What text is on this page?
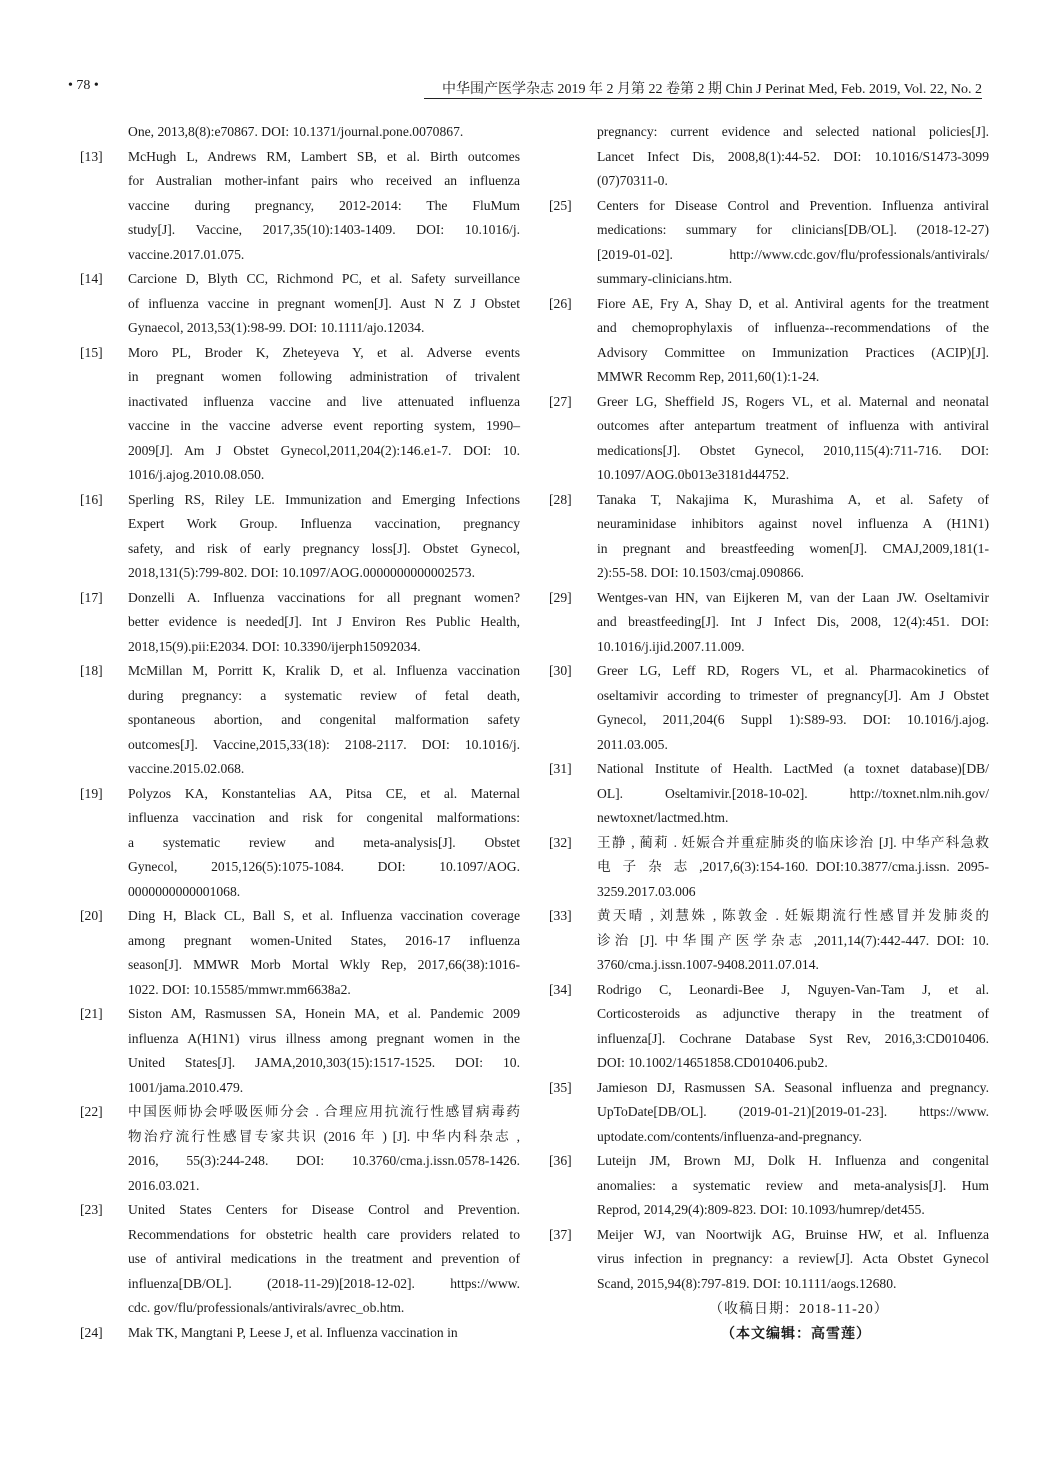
• 78 •	中华围产医学杂志 2019 年 2 月第 22 卷第 2 期 Chin J Perinat Med, Feb. 2019, Vol. 22, No. 2
One, 2013,8(8):e70867. DOI: 10.1371/journal.pone.0070867.
[13] McHugh L, Andrews RM, Lambert SB, et al. Birth outcomes
for Australian mother-infant pairs who received an influenza
vaccine during pregnancy, 2012-2014: The FluMum
study[J]. Vaccine, 2017,35(10):1403-1409. DOI: 10.1016/j.
vaccine.2017.01.075.
[14] Carcione D, Blyth CC, Richmond PC, et al. Safety surveillance
of influenza vaccine in pregnant women[J]. Aust N Z J Obstet
Gynaecol, 2013,53(1):98-99. DOI: 10.1111/ajo.12034.
[15] Moro PL, Broder K, Zheteyeva Y, et al. Adverse events
in pregnant women following administration of trivalent
inactivated influenza vaccine and live attenuated influenza
vaccine in the vaccine adverse event reporting system, 1990–
2009[J]. Am J Obstet Gynecol,2011,204(2):146.e1-7. DOI: 10.
1016/j.ajog.2010.08.050.
[16] Sperling RS, Riley LE. Immunization and Emerging Infections
Expert Work Group. Influenza vaccination, pregnancy
safety, and risk of early pregnancy loss[J]. Obstet Gynecol,
2018,131(5):799-802. DOI: 10.1097/AOG.0000000000002573.
[17] Donzelli A. Influenza vaccinations for all pregnant women?
better evidence is needed[J]. Int J Environ Res Public Health,
2018,15(9).pii:E2034. DOI: 10.3390/ijerph15092034.
[18] McMillan M, Porritt K, Kralik D, et al. Influenza vaccination
during pregnancy: a systematic review of fetal death,
spontaneous abortion, and congenital malformation safety
outcomes[J]. Vaccine,2015,33(18): 2108-2117. DOI: 10.1016/j.
vaccine.2015.02.068.
[19] Polyzos KA, Konstantelias AA, Pitsa CE, et al. Maternal
influenza vaccination and risk for congenital malformations:
a systematic review and meta-analysis[J]. Obstet
Gynecol, 2015,126(5):1075-1084. DOI: 10.1097/AOG.
0000000000001068.
[20] Ding H, Black CL, Ball S, et al. Influenza vaccination coverage
among pregnant women-United States, 2016-17 influenza
season[J]. MMWR Morb Mortal Wkly Rep, 2017,66(38):1016-
1022. DOI: 10.15585/mmwr.mm6638a2.
[21] Siston AM, Rasmussen SA, Honein MA, et al. Pandemic 2009
influenza A(H1N1) virus illness among pregnant women in the
United States[J]. JAMA,2010,303(15):1517-1525. DOI: 10.
1001/jama.2010.479.
[22] 中国医师协会呼吸医师分会 . 合理应用抗流行性感冒病毒药
物治疗流行性感冒专家共识 (2016 年 ) [J]. 中华内科杂志 ,
2016, 55(3):244-248. DOI: 10.3760/cma.j.issn.0578-1426.
2016.03.021.
[23] United States Centers for Disease Control and Prevention.
Recommendations for obstetric health care providers related to
use of antiviral medications in the treatment and prevention of
influenza[DB/OL]. (2018-11-29)[2018-12-02]. https://www.
cdc. gov/flu/professionals/antivirals/avrec_ob.htm.
[24] Mak TK, Mangtani P, Leese J, et al. Influenza vaccination in
pregnancy: current evidence and selected national policies[J].
Lancet Infect Dis, 2008,8(1):44-52. DOI: 10.1016/S1473-3099
(07)70311-0.
[25] Centers for Disease Control and Prevention. Influenza antiviral
medications: summary for clinicians[DB/OL]. (2018-12-27)
[2019-01-02]. http://www.cdc.gov/flu/professionals/antivirals/
summary-clinicians.htm.
[26] Fiore AE, Fry A, Shay D, et al. Antiviral agents for the treatment
and chemoprophylaxis of influenza--recommendations of the
Advisory Committee on Immunization Practices (ACIP)[J].
MMWR Recomm Rep, 2011,60(1):1-24.
[27] Greer LG, Sheffield JS, Rogers VL, et al. Maternal and neonatal
outcomes after antepartum treatment of influenza with antiviral
medications[J]. Obstet Gynecol, 2010,115(4):711-716. DOI:
10.1097/AOG.0b013e3181d44752.
[28] Tanaka T, Nakajima K, Murashima A, et al. Safety of
neuraminidase inhibitors against novel influenza A (H1N1)
in pregnant and breastfeeding women[J]. CMAJ,2009,181(1-
2):55-58. DOI: 10.1503/cmaj.090866.
[29] Wentges-van HN, van Eijkeren M, van der Laan JW. Oseltamivir
and breastfeeding[J]. Int J Infect Dis, 2008, 12(4):451. DOI:
10.1016/j.ijid.2007.11.009.
[30] Greer LG, Leff RD, Rogers VL, et al. Pharmacokinetics of
oseltamivir according to trimester of pregnancy[J]. Am J Obstet
Gynecol, 2011,204(6 Suppl 1):S89-93. DOI: 10.1016/j.ajog.
2011.03.005.
[31] National Institute of Health. LactMed (a toxnet database)[DB/
OL]. Oseltamivir.[2018-10-02]. http://toxnet.nlm.nih.gov/
newtoxnet/lactmed.htm.
[32] 王静 , 蔺莉 . 妊娠合并重症肺炎的临床诊治 [J]. 中华产科急救
电 子 杂 志 ,2017,6(3):154-160. DOI:10.3877/cma.j.issn. 2095-
3259.2017.03.006
[33] 黄天晴 , 刘慧姝 , 陈敦金 . 妊娠期流行性感冒并发肺炎的
诊治 [J]. 中华围产医学杂志 ,2011,14(7):442-447. DOI: 10.
3760/cma.j.issn.1007-9408.2011.07.014.
[34] Rodrigo C, Leonardi-Bee J, Nguyen-Van-Tam J, et al.
Corticosteroids as adjunctive therapy in the treatment of
influenza[J]. Cochrane Database Syst Rev, 2016,3:CD010406.
DOI: 10.1002/14651858.CD010406.pub2.
[35] Jamieson DJ, Rasmussen SA. Seasonal influenza and pregnancy.
UpToDate[DB/OL]. (2019-01-21)[2019-01-23]. https://www.
uptodate.com/contents/influenza-and-pregnancy.
[36] Luteijn JM, Brown MJ, Dolk H. Influenza and congenital
anomalies: a systematic review and meta-analysis[J]. Hum
Reprod, 2014,29(4):809-823. DOI: 10.1093/humrep/det455.
[37] Meijer WJ, van Noortwijk AG, Bruinse HW, et al. Influenza
virus infection in pregnancy: a review[J]. Acta Obstet Gynecol
Scand, 2015,94(8):797-819. DOI: 10.1111/aogs.12680.
（收稿日期：2018-11-20）
（本文编辑：高雪莲）
